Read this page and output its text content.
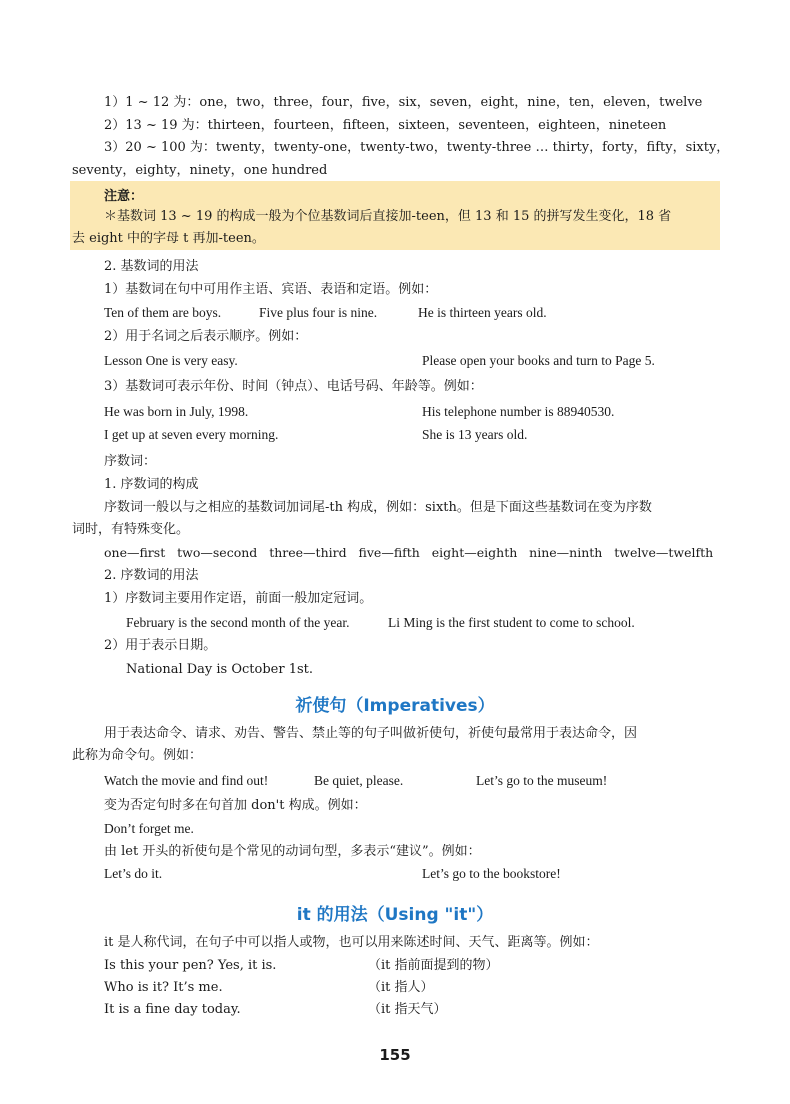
1）1 ~ 12 为：one，two，three，four，five，six，seven，eight，nine，ten，eleven，twelve
2）13 ~ 19 为：thirteen，fourteen，fifteen，sixteen，seventeen，eighteen，nineteen
3）20 ~ 100 为：twenty，twenty-one，twenty-two，twenty-three … thirty，forty，fifty，sixty，
seventy，eighty，ninety，one hundred
注意：
＊基数词 13 ~ 19 的构成一般为个位基数词后直接加-teen，但 13 和 15 的拼写发生变化，18 省
去 eight 中的字母 t 再加-teen。
2. 基数词的用法
1）基数词在句中可用作主语、宾语、表语和定语。例如：
Ten of them are boys.	Five plus four is nine.	He is thirteen years old.
2）用于名词之后表示顺序。例如：
Lesson One is very easy.	Please open your books and turn to Page 5.
3）基数词可表示年份、时间（钟点）、电话号码、年龄等。例如：
He was born in July, 1998.	His telephone number is 88940530.
I get up at seven every morning.	She is 13 years old.
序数词：
1. 序数词的构成
序数词一般以与之相应的基数词加词尾-th 构成，例如：sixth。但是下面这些基数词在变为序数
词时，有特殊变化。
one—first   two—second   three—third   five—fifth   eight—eighth   nine—ninth   twelve—twelfth
2. 序数词的用法
1）序数词主要用作定语，前面一般加定冠词。
February is the second month of the year.	Li Ming is the first student to come to school.
2）用于表示日期。
National Day is October 1st.
祈使句（Imperatives）
用于表达命令、请求、劝告、警告、禁止等的句子叫做祈使句，祈使句最常用于表达命令，因
此称为命令句。例如：
Watch the movie and find out!	Be quiet, please.	Let’s go to the museum!
变为否定句时多在句首加 don't 构成。例如：
Don’t forget me.
由 let 开头的祈使句是个常见的动词句型，多表示“建议”。例如：
Let’s do it.	Let’s go to the bookstore!
it 的用法（Using "it"）
it 是人称代词，在句子中可以指人或物，也可以用来陈述时间、天气、距离等。例如：
Is this your pen? Yes, it is.	（it 指前面提到的物）
Who is it? It’s me.	（it 指人）
It is a fine day today.	（it 指天气）
155
